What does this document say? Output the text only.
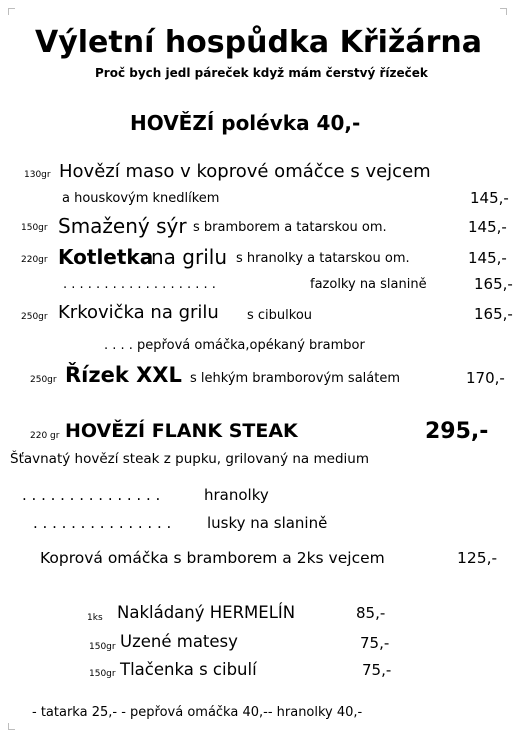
Výletní hospůdka Křižárna
Proč bych jedl páreček když mám čerstvý řízeček
HOVĚZÍ polévka 40,-
130gr Hovězí maso v koprové omáčce s vejcem
a houskovým knedlíkem	145,-
150gr Smažený sýr s bramborem a tatarskou om.	145,-
220gr Kotletka
na grilu s hranolky a tatarskou om.	145,-
. . . . . . . . . . . . . . . . . . .	fazolky na slanině	165,-
250gr Krkovička na grilu s cibulkou	165,-
. . . . pepřová omáčka,opékaný brambor
250gr Řízek XXL s lehkým bramborovým salátem	170,-
220 gr HOVĚZÍ FLANK STEAK	295,-
Šťavnatý hovězí steak z pupku, grilovaný na medium
. . . . . . . . . . . . . . .	hranolky
. . . . . . . . . . . . . . . lusky na slanině
Koprová omáčka s bramborem a 2ks vejcem	125,-
1ks Nakládaný HERMELÍN	85,-
150gr Uzené matesy	75,-
150gr Tlačenka s cibulí	75,-
- tatarka 25,- - pepřová omáčka 40,-- hranolky 40,-
